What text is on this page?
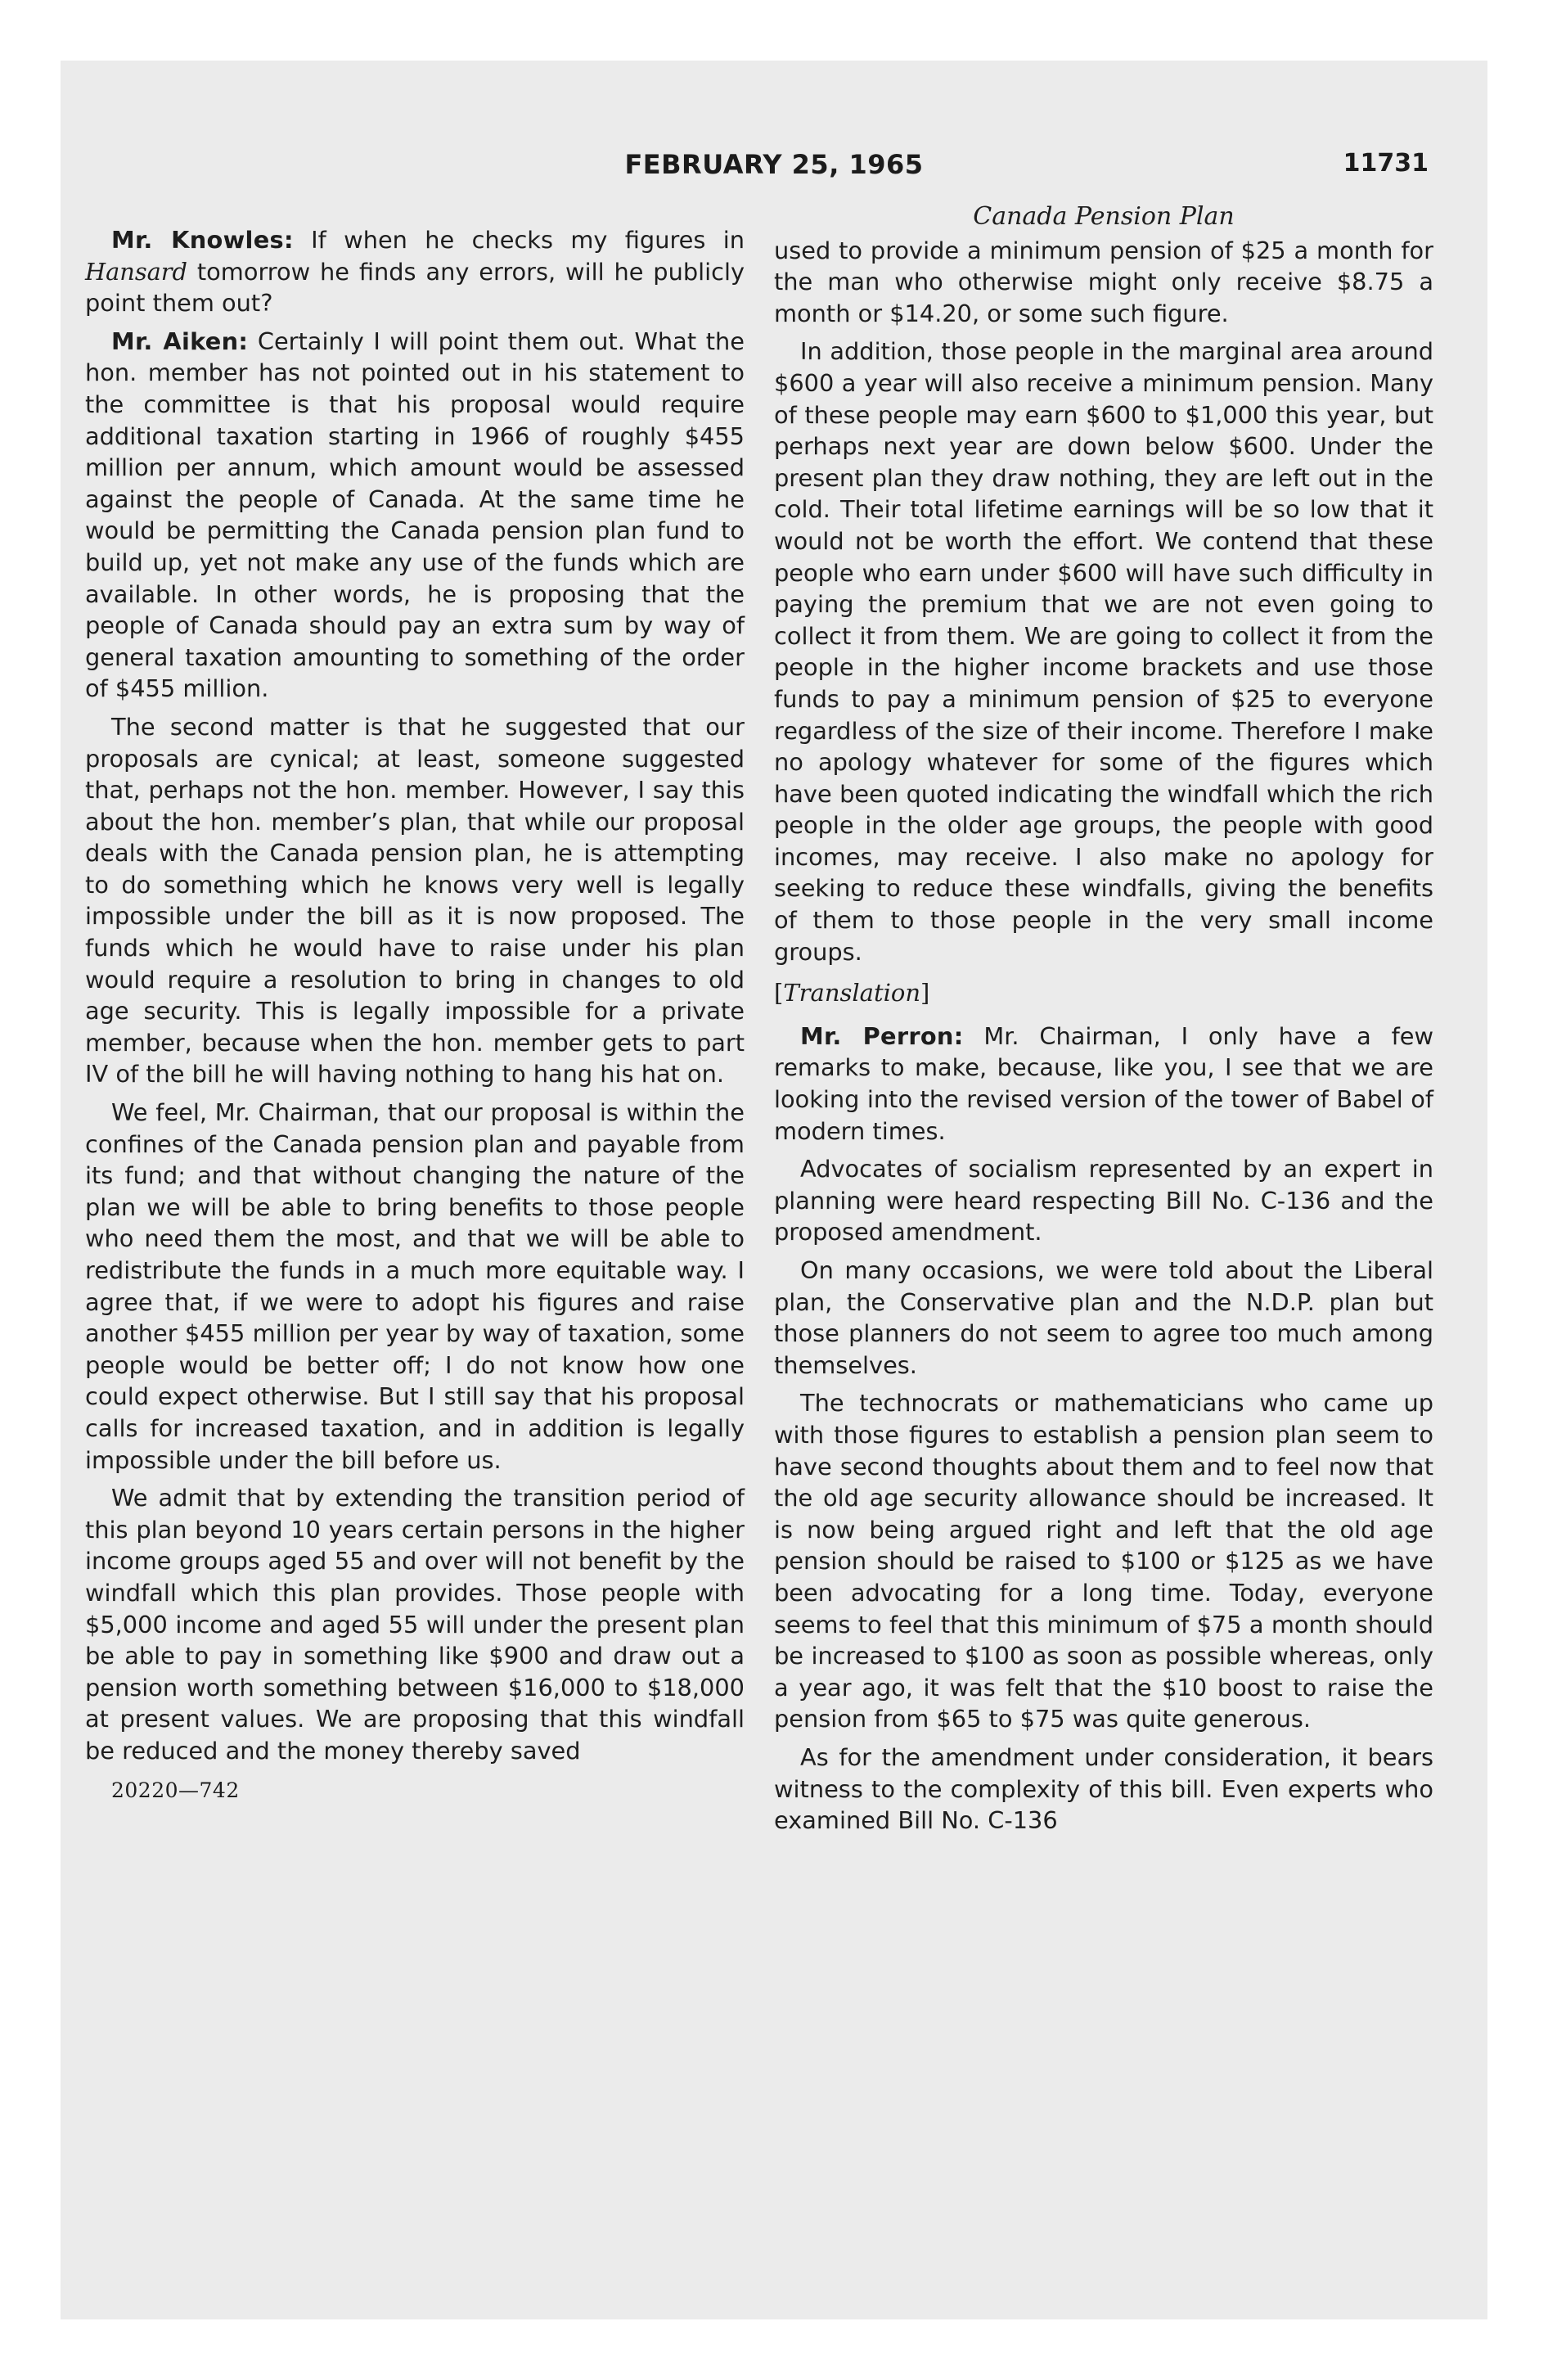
FEBRUARY 25, 1965	11731

Mr. Knowles: If when he checks my figures in Hansard tomorrow he finds any errors, will he publicly point them out?

Mr. Aiken: Certainly I will point them out. What the hon. member has not pointed out in his statement to the committee is that his proposal would require additional taxation starting in 1966 of roughly $455 million per annum, which amount would be assessed against the people of Canada. At the same time he would be permitting the Canada pension plan fund to build up, yet not make any use of the funds which are available. In other words, he is proposing that the people of Canada should pay an extra sum by way of general taxation amounting to something of the order of $455 million.

The second matter is that he suggested that our proposals are cynical; at least, someone suggested that, perhaps not the hon. member. However, I say this about the hon. member’s plan, that while our proposal deals with the Canada pension plan, he is attempting to do something which he knows very well is legally impossible under the bill as it is now proposed. The funds which he would have to raise under his plan would require a resolution to bring in changes to old age security. This is legally impossible for a private member, because when the hon. member gets to part IV of the bill he will having nothing to hang his hat on.

We feel, Mr. Chairman, that our proposal is within the confines of the Canada pension plan and payable from its fund; and that without changing the nature of the plan we will be able to bring benefits to those people who need them the most, and that we will be able to redistribute the funds in a much more equitable way. I agree that, if we were to adopt his figures and raise another $455 million per year by way of taxation, some people would be better off; I do not know how one could expect otherwise. But I still say that his proposal calls for increased taxation, and in addition is legally impossible under the bill before us.

We admit that by extending the transition period of this plan beyond 10 years certain persons in the higher income groups aged 55 and over will not benefit by the windfall which this plan provides. Those people with $5,000 income and aged 55 will under the present plan be able to pay in something like $900 and draw out a pension worth something between $16,000 to $18,000 at present values. We are proposing that this windfall be reduced and the money thereby saved

20220—742
Canada Pension Plan

used to provide a minimum pension of $25 a month for the man who otherwise might only receive $8.75 a month or $14.20, or some such figure.

In addition, those people in the marginal area around $600 a year will also receive a minimum pension. Many of these people may earn $600 to $1,000 this year, but perhaps next year are down below $600. Under the present plan they draw nothing, they are left out in the cold. Their total lifetime earnings will be so low that it would not be worth the effort. We contend that these people who earn under $600 will have such difficulty in paying the premium that we are not even going to collect it from them. We are going to collect it from the people in the higher income brackets and use those funds to pay a minimum pension of $25 to everyone regardless of the size of their income. Therefore I make no apology whatever for some of the figures which have been quoted indicating the windfall which the rich people in the older age groups, the people with good incomes, may receive. I also make no apology for seeking to reduce these windfalls, giving the benefits of them to those people in the very small income groups.

[Translation]

Mr. Perron: Mr. Chairman, I only have a few remarks to make, because, like you, I see that we are looking into the revised version of the tower of Babel of modern times.

Advocates of socialism represented by an expert in planning were heard respecting Bill No. C-136 and the proposed amendment.

On many occasions, we were told about the Liberal plan, the Conservative plan and the N.D.P. plan but those planners do not seem to agree too much among themselves.

The technocrats or mathematicians who came up with those figures to establish a pension plan seem to have second thoughts about them and to feel now that the old age security allowance should be increased. It is now being argued right and left that the old age pension should be raised to $100 or $125 as we have been advocating for a long time. Today, everyone seems to feel that this minimum of $75 a month should be increased to $100 as soon as possible whereas, only a year ago, it was felt that the $10 boost to raise the pension from $65 to $75 was quite generous.

As for the amendment under consideration, it bears witness to the complexity of this bill. Even experts who examined Bill No. C-136
